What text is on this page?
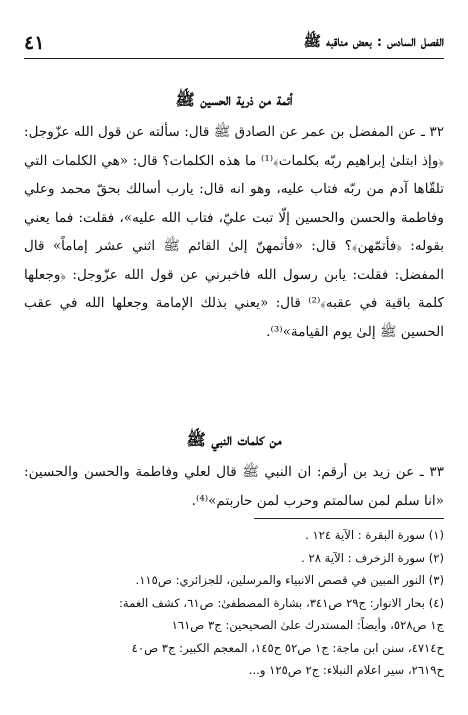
الفصل السادس : بعض مناقبه ﷺ
٤١
أئمة من ذرية الحسين ﷺ
٣٢ ـ عن المفضل بن عمر عن الصادق ﷺ قال: سألته عن قول الله عزّوجل: ﴿وإذ ابتلىٰ إبراهيم ربّه بكلمات﴾⁽¹⁾ ما هذه الكلمات؟ قال: «هي الكلمات التي تلقّاها آدم من ربّه فتاب عليه، وهو انه قال: يارب أسالك بحقّ محمد وعلي وفاطمة والحسن والحسين إلّا تبت عليّ، فتاب الله عليه»، فقلت: فما يعني بقوله: ﴿فأتمّهن﴾؟ قال: «فأتمهنّ إلىٰ القائم ﷺ اثني عشر إماماً» قال المفضل: فقلت: يابن رسول الله فاخبرني عن قول الله عزّوجل: ﴿وجعلها كلمة باقية في عقبه﴾⁽²⁾ قال: «يعني بذلك الإمامة وجعلها الله في عقب الحسين ﷺ إلىٰ يوم القيامة»⁽³⁾.
من كلمات النبي ﷺ
٣٣ ـ عن زيد بن أرقم: ان النبي ﷺ قال لعلي وفاطمة والحسن والحسين: «انا سلم لمن سالمتم وحرب لمن حاربتم»⁽⁴⁾.
(١) سورة البقرة : الآية ١٢٤ .
(٢) سورة الزخرف : الآية ٢٨ .
(٣) النور المبين في قصص الانبياء والمرسلين، للجزائري: ص١١٥.
(٤) بحار الانوار: ج٢٩ ص٣٤١، بشارة المصطفىٰ: ص٦١، كشف الغمة:
ج١ ص٥٢٨، وأيضاً: المستدرك علىٰ الصحيحين: ج٣ ص١٦١
ح٤٧١٤، سنن ابن ماجة: ج١ ص٥٢ ح١٤٥، المعجم الكبير: ج٣ ص٤٠
ح٢٦١٩، سير اعلام النبلاء: ج٢ ص١٢٥ و...
